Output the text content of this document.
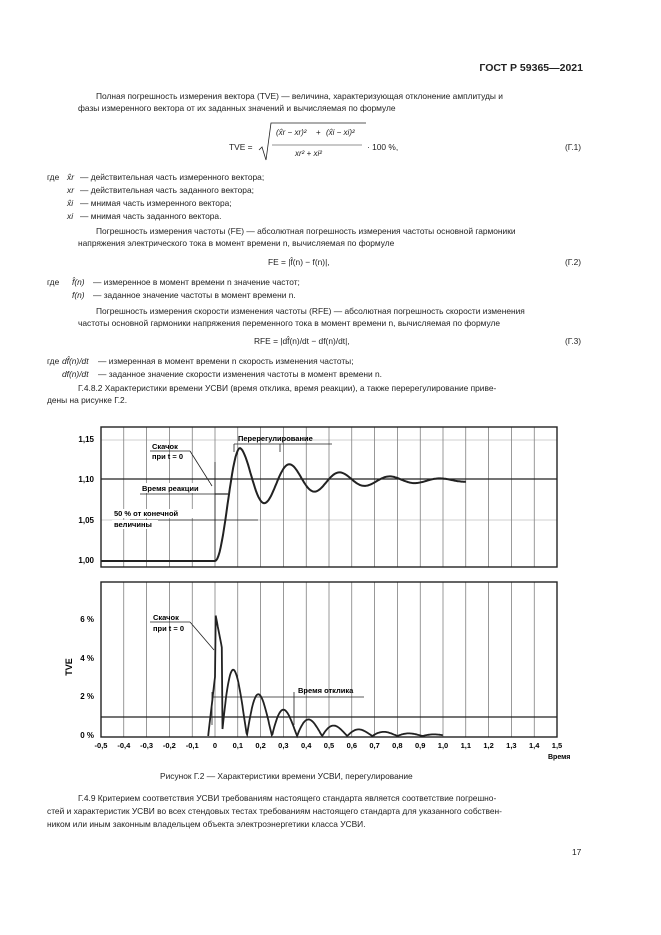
ГОСТ Р 59365—2021
Полная погрешность измерения вектора (TVE) — величина, характеризующая отклонение амплитуды и
фазы измеренного вектора от их заданных значений и вычисляемая по формуле
TVE =
(x̂r − xr)² + (x̂i − xi)²
xr² + xi²
· 100 %,	(Г.1)
где x̂r — действительная часть измеренного вектора;
xr — действительная часть заданного вектора;
x̂i — мнимая часть измеренного вектора;
xi — мнимая часть заданного вектора.
Погрешность измерения частоты (FE) — абсолютная погрешность измерения частоты основной гармоники
напряжения электрического тока в момент времени n, вычисляемая по формуле
FE = |f̂(n) − f(n)|,	(Г.2)
где f̂(n) — измеренное в момент времени n значение частот;
f(n) — заданное значение частоты в момент времени n.
Погрешность измерения скорости изменения частоты (RFE) — абсолютная погрешность скорости изменения
частоты основной гармоники напряжения переменного тока в момент времени n, вычисляемая по формуле
RFE = |df̂(n)/dt − df(n)/dt|,	(Г.3)
где df̂(n)/dt — измеренная в момент времени n скорость изменения частоты;
df(n)/dt — заданное значение скорости изменения частоты в момент времени n.
Г.4.8.2 Характеристики времени УСВИ (время отклика, время реакции), а также перерегулирование приве-
дены на рисунке Г.2.
1,15
1,10
1,05
1,00
6 %
4 %
2 %
0 %
TVE
-0,5 -0,4 -0,3 -0,2 -0,1 0 0,1 0,2 0,3 0,4 0,5 0,6 0,7 0,8 0,9 1,0 1,1 1,2 1,3 1,4 1,5
Время
Перерегулирование
Скачок
при t = 0
Время реакции
50 % от конечной
величины
Скачок
при t = 0
Время отклика
Рисунок Г.2 — Характеристики времени УСВИ, перегулирование
Г.4.9 Критерием соответствия УСВИ требованиям настоящего стандарта является соответствие погрешно-
стей и характеристик УСВИ во всех стендовых тестах требованиям настоящего стандарта для указанного собствен-
ником или иным законным владельцем объекта электроэнергетики класса УСВИ.
17
